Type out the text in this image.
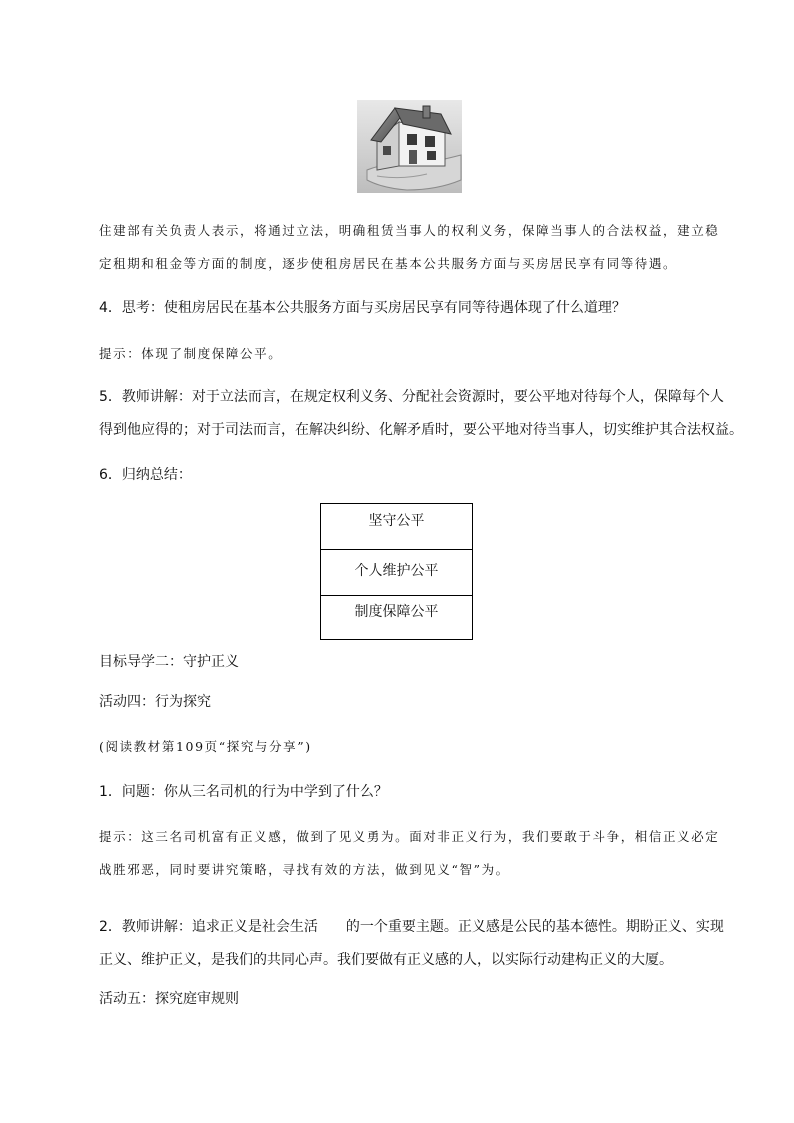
住建部有关负责人表示，将通过立法，明确租赁当事人的权利义务，保障当事人的合法权益，建立稳
定租期和租金等方面的制度，逐步使租房居民在基本公共服务方面与买房居民享有同等待遇。
4．思考：使租房居民在基本公共服务方面与买房居民享有同等待遇体现了什么道理？
提示：体现了制度保障公平。
5．教师讲解：对于立法而言，在规定权利义务、分配社会资源时，要公平地对待每个人，保障每个人
得到他应得的；对于司法而言，在解决纠纷、化解矛盾时，要公平地对待当事人，切实维护其合法权益。
6．归纳总结：
坚守公平
个人维护公平
制度保障公平
目标导学二：守护正义
活动四：行为探究
(阅读教材第109页“探究与分享”)
1．问题：你从三名司机的行为中学到了什么？
提示：这三名司机富有正义感，做到了见义勇为。面对非正义行为，我们要敢于斗争，相信正义必定
战胜邪恶，同时要讲究策略，寻找有效的方法，做到见义“智”为。
2．教师讲解：追求正义是社会生活　　的一个重要主题。正义感是公民的基本德性。期盼正义、实现
正义、维护正义，是我们的共同心声。我们要做有正义感的人，以实际行动建构正义的大厦。
活动五：探究庭审规则
